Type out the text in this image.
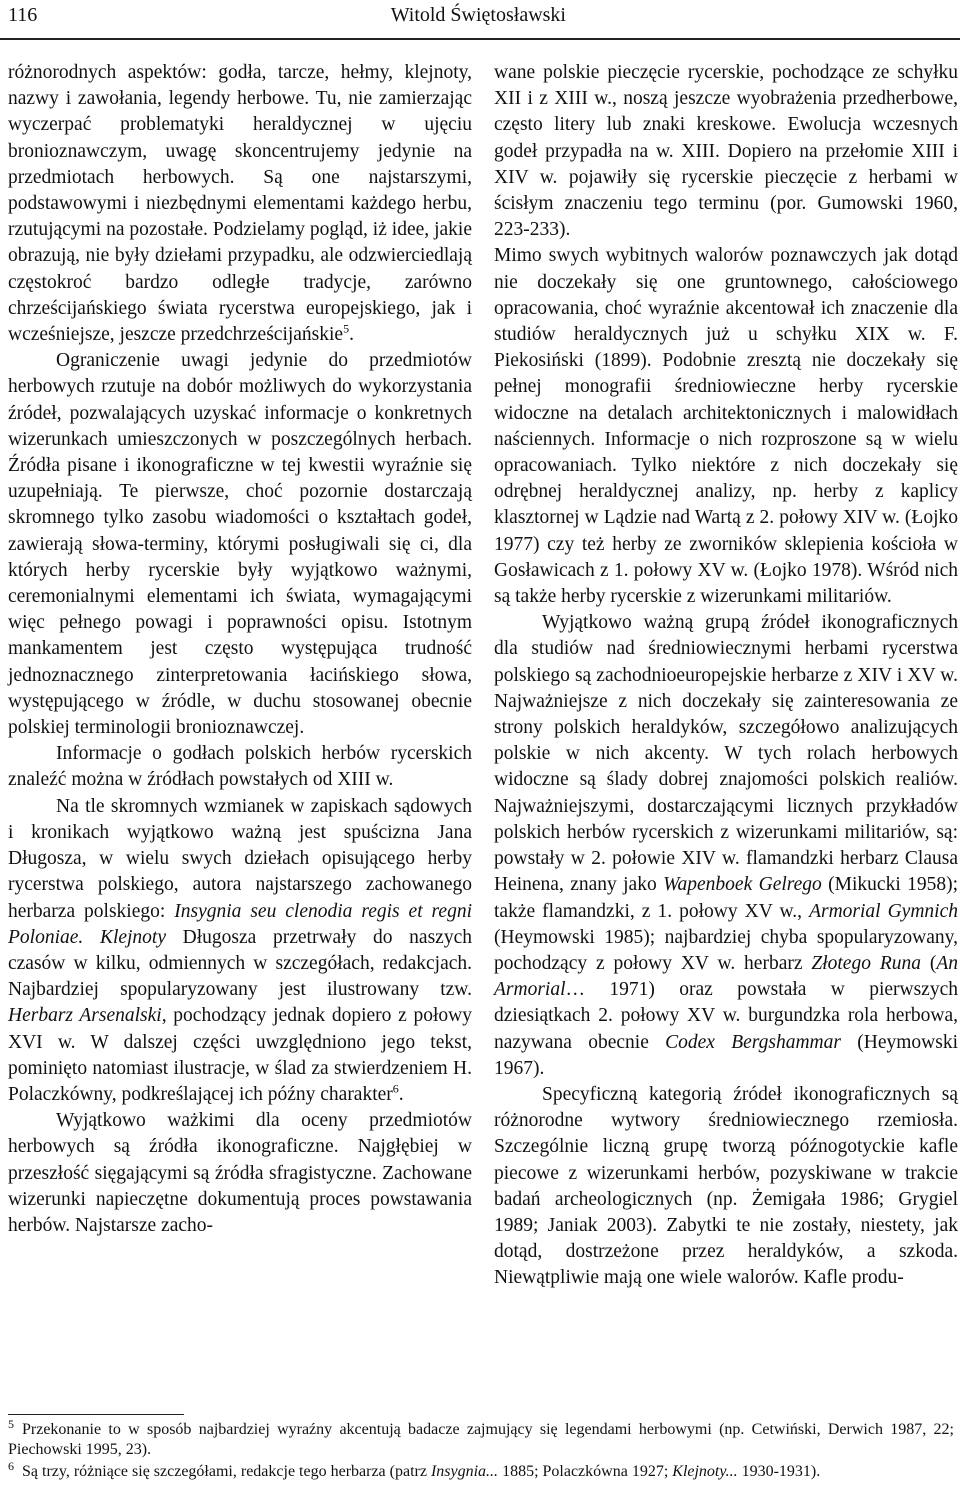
116	Witold Świętosławski

różnorodnych aspektów: godła, tarcze, hełmy, klejnoty, nazwy i zawołania, legendy herbowe. Tu, nie zamierzając wyczerpać problematyki heraldycznej w ujęciu bronioznawczym, uwagę skoncentrujemy jedynie na przedmiotach herbowych. Są one najstarszymi, podstawowymi i niezbędnymi elementami każdego herbu, rzutującymi na pozostałe. Podzielamy pogląd, iż idee, jakie obrazują, nie były dziełami przypadku, ale odzwierciedlają częstokroć bardzo odległe tradycje, zarówno chrześcijańskiego świata rycerstwa europejskiego, jak i wcześniejsze, jeszcze przedchrześcijańskie$^5$.

Ograniczenie uwagi jedynie do przedmiotów herbowych rzutuje na dobór możliwych do wykorzystania źródeł, pozwalających uzyskać informacje o konkretnych wizerunkach umieszczonych w poszczególnych herbach. Źródła pisane i ikonograficzne w tej kwestii wyraźnie się uzupełniają. Te pierwsze, choć pozornie dostarczają skromnego tylko zasobu wiadomości o kształtach godeł, zawierają słowa-terminy, którymi posługiwali się ci, dla których herby rycerskie były wyjątkowo ważnymi, ceremonialnymi elementami ich świata, wymagającymi więc pełnego powagi i poprawności opisu. Istotnym mankamentem jest często występująca trudność jednoznacznego zinterpretowania łacińskiego słowa, występującego w źródle, w duchu stosowanej obecnie polskiej terminologii bronioznawczej.

Informacje o godłach polskich herbów rycerskich znaleźć można w źródłach powstałych od XIII w.

Na tle skromnych wzmianek w zapiskach sądowych i kronikach wyjątkowo ważną jest spuścizna Jana Długosza, w wielu swych dziełach opisującego herby rycerstwa polskiego, autora najstarszego zachowanego herbarza polskiego: Insygnia seu clenodia regis et regni Poloniae. Klejnoty Długosza przetrwały do naszych czasów w kilku, odmiennych w szczegółach, redakcjach. Najbardziej spopularyzowany jest ilustrowany tzw. Herbarz Arsenalski, pochodzący jednak dopiero z połowy XVI w. W dalszej części uwzględniono jego tekst, pominięto natomiast ilustracje, w ślad za stwierdzeniem H. Polaczkówny, podkreślającej ich późny charakter$^6$.

Wyjątkowo ważkimi dla oceny przedmiotów herbowych są źródła ikonograficzne. Najgłębiej w przeszłość sięgającymi są źródła sfragistyczne. Zachowane wizerunki napieczętne dokumentują proces powstawania herbów. Najstarsze zacho-

wane polskie pieczęcie rycerskie, pochodzące ze schyłku XII i z XIII w., noszą jeszcze wyobrażenia przedherbowe, często litery lub znaki kreskowe. Ewolucja wczesnych godeł przypadła na w. XIII. Dopiero na przełomie XIII i XIV w. pojawiły się rycerskie pieczęcie z herbami w ścisłym znaczeniu tego terminu (por. Gumowski 1960, 223-233).

Mimo swych wybitnych walorów poznawczych jak dotąd nie doczekały się one gruntownego, całościowego opracowania, choć wyraźnie akcentował ich znaczenie dla studiów heraldycznych już u schyłku XIX w. F. Piekosiński (1899). Podobnie zresztą nie doczekały się pełnej monografii średniowieczne herby rycerskie widoczne na detalach architektonicznych i malowidłach naściennych. Informacje o nich rozproszone są w wielu opracowaniach. Tylko niektóre z nich doczekały się odrębnej heraldycznej analizy, np. herby z kaplicy klasztornej w Lądzie nad Wartą z 2. połowy XIV w. (Łojko 1977) czy też herby ze zworników sklepienia kościoła w Gosławicach z 1. połowy XV w. (Łojko 1978). Wśród nich są także herby rycerskie z wizerunkami militariów.

Wyjątkowo ważną grupą źródeł ikonograficznych dla studiów nad średniowiecznymi herbami rycerstwa polskiego są zachodnioeuropejskie herbarze z XIV i XV w. Najważniejsze z nich doczekały się zainteresowania ze strony polskich heraldyków, szczegółowo analizujących polskie w nich akcenty. W tych rolach herbowych widoczne są ślady dobrej znajomości polskich realiów. Najważniejszymi, dostarczającymi licznych przykładów polskich herbów rycerskich z wizerunkami militariów, są: powstały w 2. połowie XIV w. flamandzki herbarz Clausa Heinena, znany jako Wapenboek Gelrego (Mikucki 1958); także flamandzki, z 1. połowy XV w., Armorial Gymnich (Heymowski 1985); najbardziej chyba spopularyzowany, pochodzący z połowy XV w. herbarz Złotego Runa (An Armorial… 1971) oraz powstała w pierwszych dziesiątkach 2. połowy XV w. burgundzka rola herbowa, nazywana obecnie Codex Bergshammar (Heymowski 1967).

Specyficzną kategorią źródeł ikonograficznych są różnorodne wytwory średniowiecznego rzemiosła. Szczególnie liczną grupę tworzą późnogotyckie kafle piecowe z wizerunkami herbów, pozyskiwane w trakcie badań archeologicznych (np. Żemigała 1986; Grygiel 1989; Janiak 2003). Zabytki te nie zostały, niestety, jak dotąd, dostrzeżone przez heraldyków, a szkoda. Niewątpliwie mają one wiele walorów. Kafle produ-

$^5$ Przekonanie to w sposób najbardziej wyraźny akcentują badacze zajmujący się legendami herbowymi (np. Cetwiński, Derwich 1987, 22; Piechowski 1995, 23).

$^6$ Są trzy, różniące się szczegółami, redakcje tego herbarza (patrz Insygnia... 1885; Polaczkówna 1927; Klejnoty... 1930-1931).
